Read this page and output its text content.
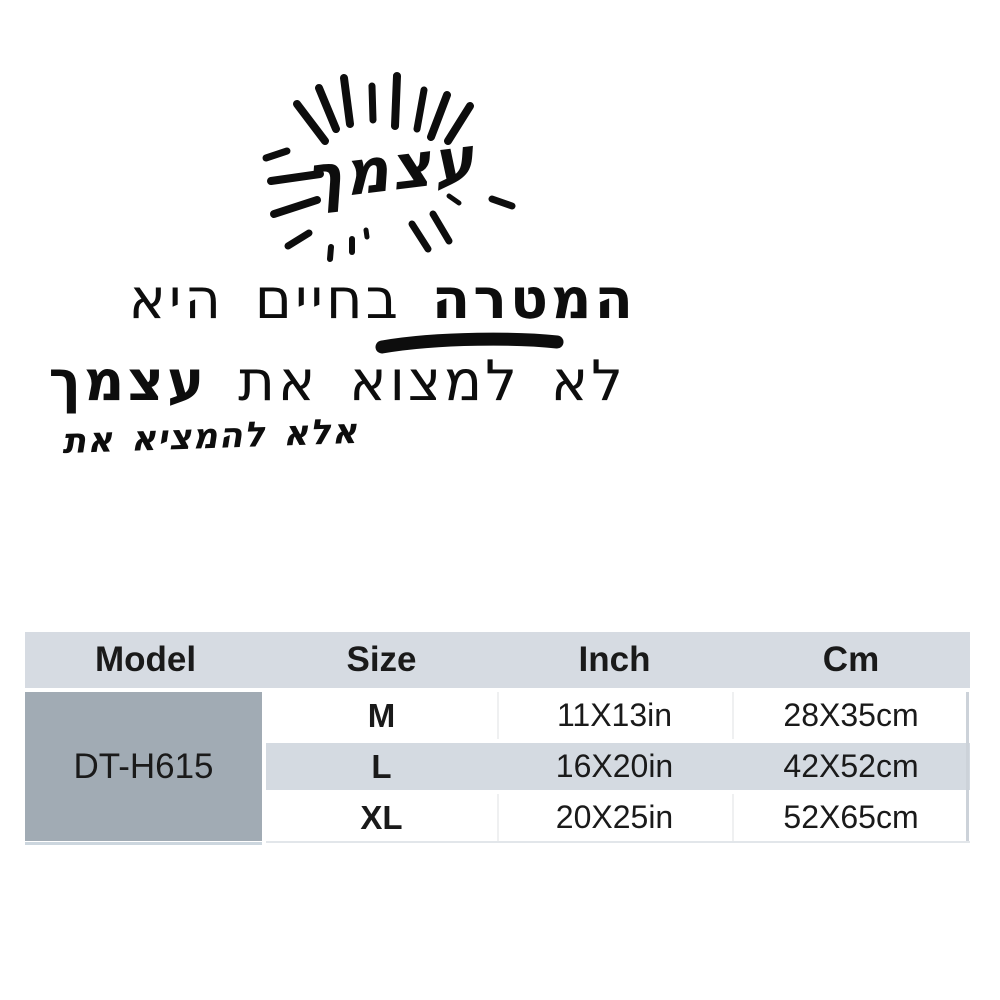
עצמך
המטרה בחיים היא
לא למצוא את עצמך
אלא להמציא את
Model	Size	Inch	Cm
DT-H615
M	11X13in	28X35cm
L	16X20in	42X52cm
XL	20X25in	52X65cm
